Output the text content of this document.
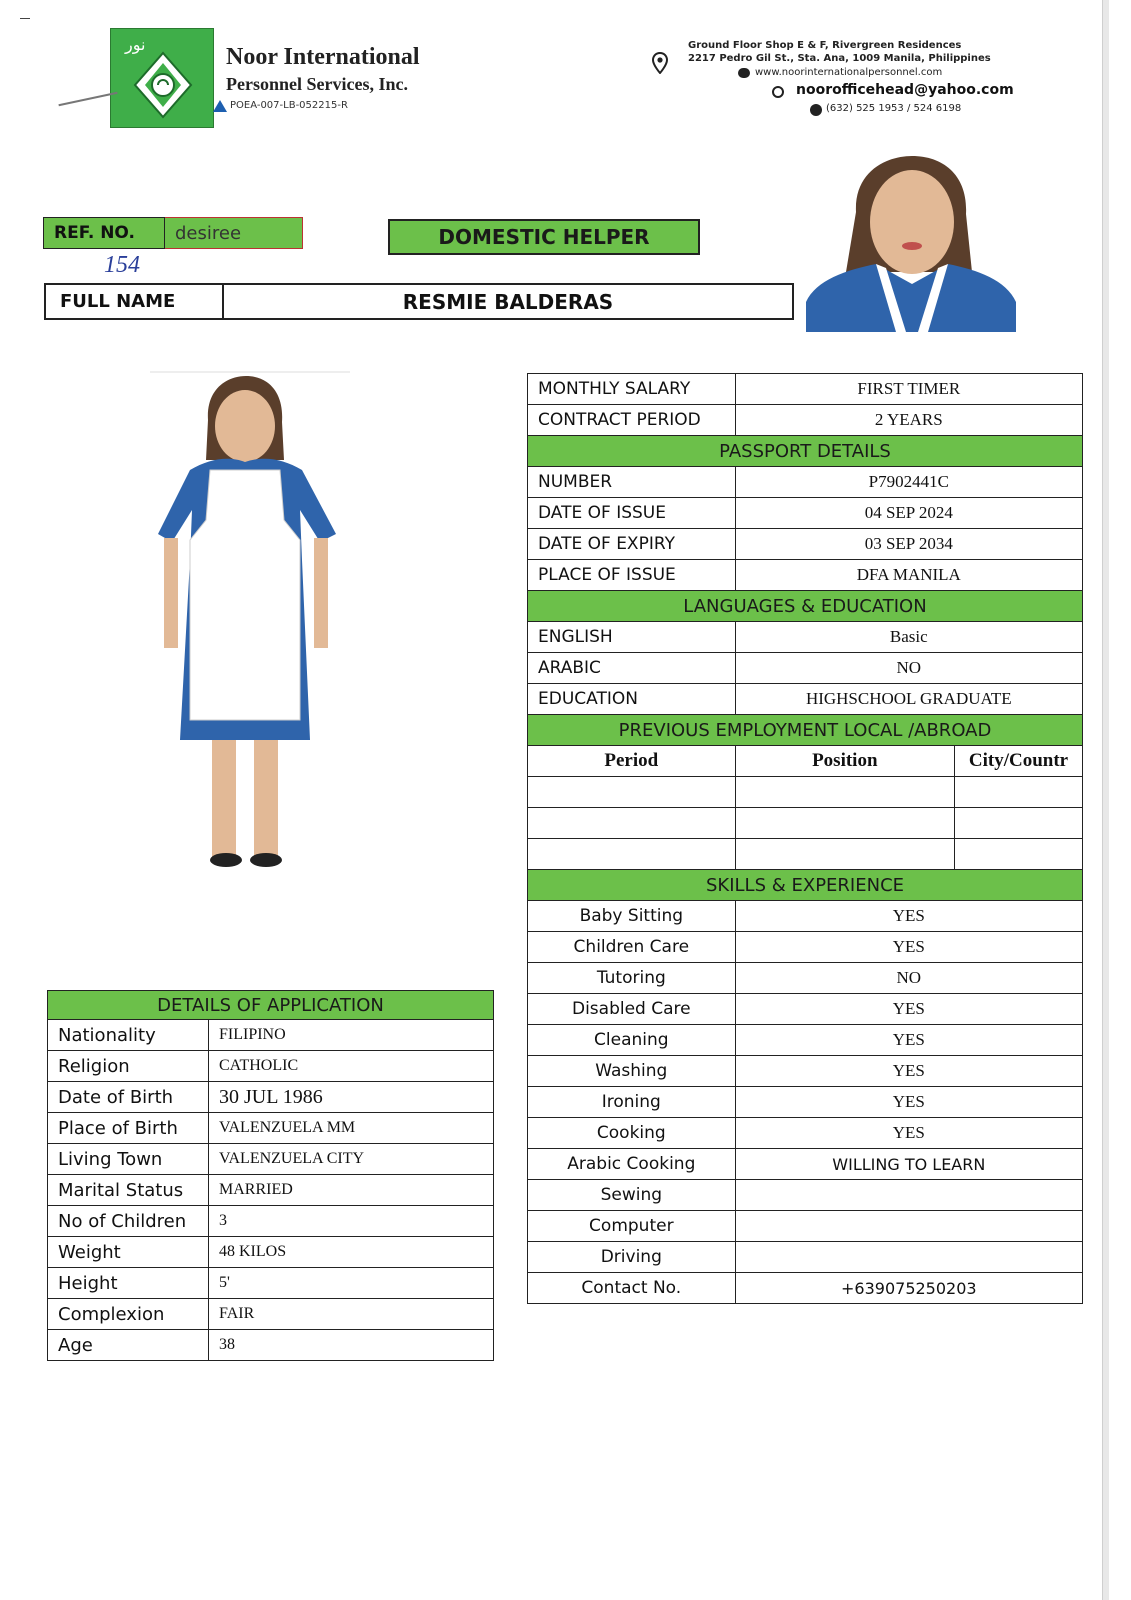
نور	Noor International
Personnel Services, Inc.
POEA-007-LB-052215-R
Ground Floor Shop E & F, Rivergreen Residences
2217 Pedro Gil St., Sta. Ana, 1009 Manila, Philippines
www.noorinternationalpersonnel.com
noorofficehead@yahoo.com
(632) 525 1953 / 524 6198
REF. NO.	desiree
154
DOMESTIC HELPER
FULL NAME	RESMIE BALDERAS
DETAILS OF APPLICATION	
Nationality	FILIPINO
Religion	CATHOLIC
Date of Birth	30 JUL 1986
Place of Birth	VALENZUELA MM
Living Town	VALENZUELA CITY
Marital Status	MARRIED
No of Children	3
Weight	48 KILOS
Height	5'
Complexion	FAIR
Age	38
MONTHLY SALARY	FIRST TIMER	
CONTRACT PERIOD	2 YEARS	
PASSPORT DETAILS		
NUMBER	P7902441C	
DATE OF ISSUE	04 SEP 2024	
DATE OF EXPIRY	03 SEP 2034	
PLACE OF ISSUE	DFA MANILA	
LANGUAGES & EDUCATION		
ENGLISH	Basic	
ARABIC	NO	
EDUCATION	HIGHSCHOOL GRADUATE	
PREVIOUS EMPLOYMENT LOCAL /ABROAD		
Period	Position	City/Countr

SKILLS & EXPERIENCE		
Baby Sitting	YES	
Children Care	YES	
Tutoring	NO	
Disabled Care	YES	
Cleaning	YES	
Washing	YES	
Ironing	YES	
Cooking	YES	
Arabic Cooking	WILLING TO LEARN	
Sewing		
Computer		
Driving		
Contact No.	+639075250203	
